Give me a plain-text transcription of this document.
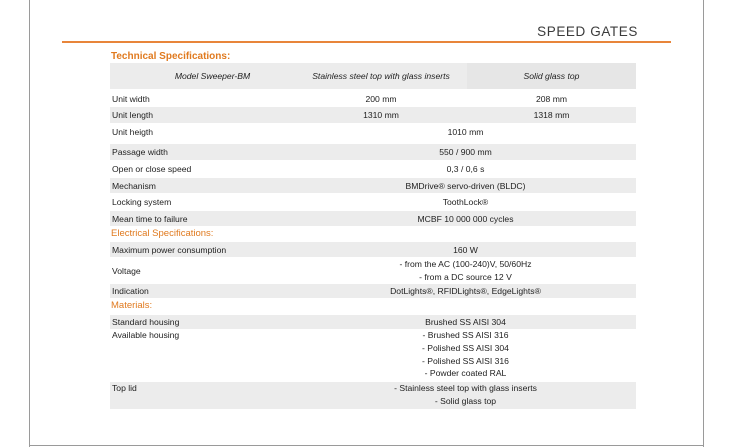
SPEED GATES
Technical Specifications:
Model Sweeper-BM	Stainless steel top with glass inserts	Solid glass top
Unit width	200 mm	208 mm
Unit length	1310 mm	1318 mm
Unit heigth	1010 mm
Passage width	550 / 900 mm
Open or close speed	0,3 / 0,6 s
Mechanism	BMDrive® servo-driven (BLDC)
Locking system	ToothLock®
Mean time to failure	MCBF 10 000 000 cycles
Electrical Specifications:
Maximum power consumption	160 W
Voltage
- from the AC (100-240)V, 50/60Hz
- from a DC source 12 V
Indication	DotLights®, RFIDLights®, EdgeLights®
Materials:
Standard housing	Brushed SS AISI 304
Available housing	- Brushed SS AISI 316
- Polished SS AISI 304
- Polished SS AISI 316
- Powder coated RAL
Top lid	- Stainless steel top with glass inserts
- Solid glass top
